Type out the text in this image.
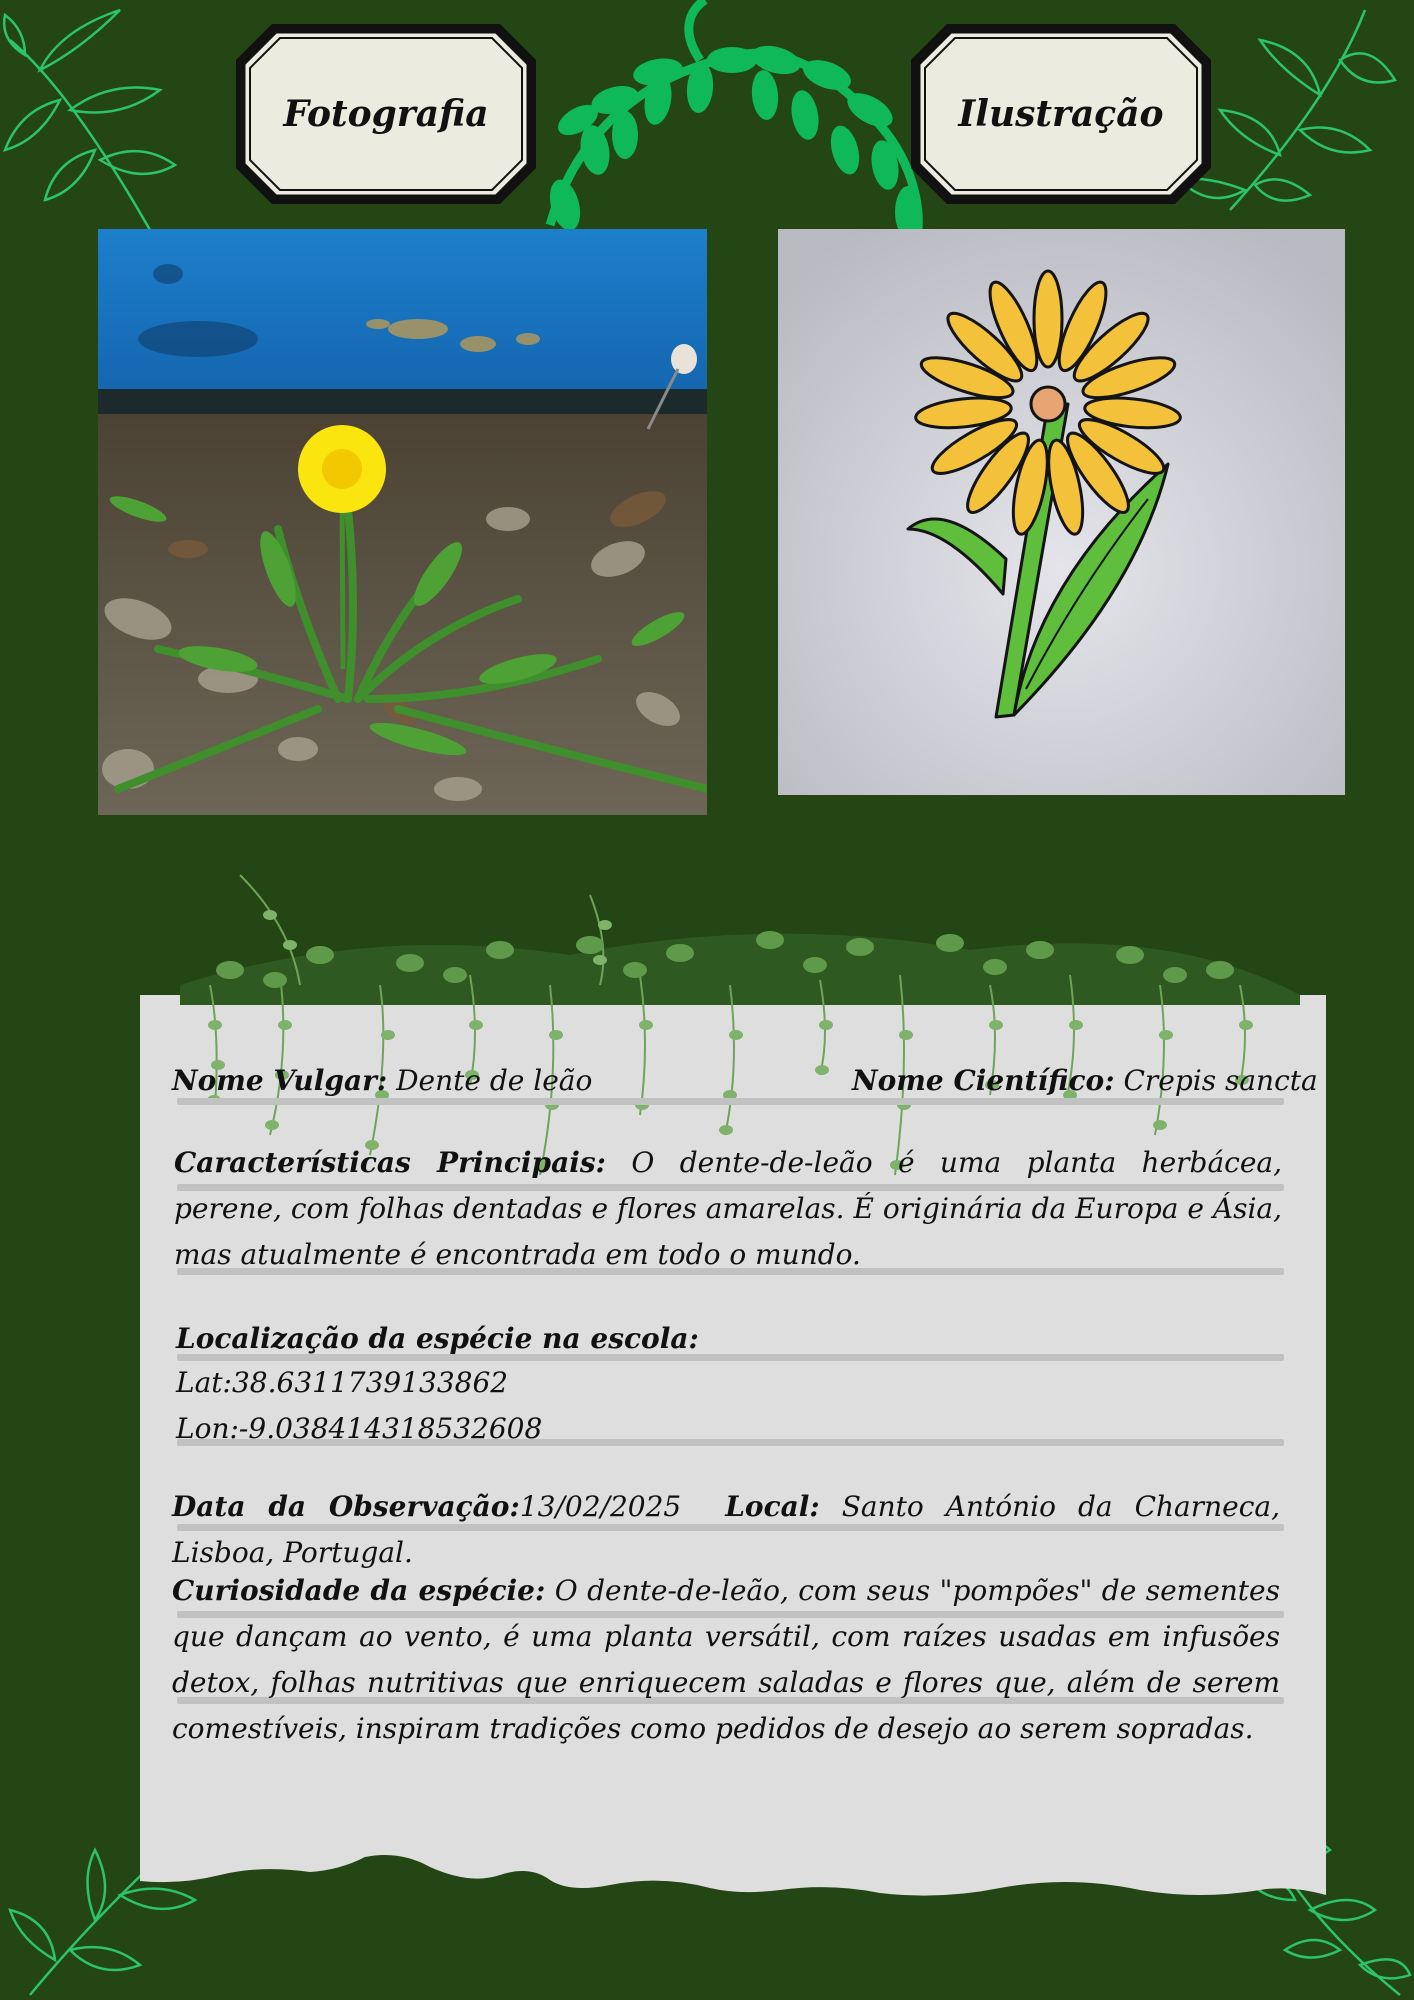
Fotografia	Ilustração
Nome Vulgar: Dente de leão	Nome Científico: Crepis sancta
Características Principais: O dente-de-leão é uma planta herbácea, perene, com folhas dentadas e flores amarelas. É originária da Europa e Ásia, mas atualmente é encontrada em todo o mundo.
Localização da espécie na escola:
Lat:38.6311739133862
Lon:-9.038414318532608
Data da Observação:13/02/2025 Local: Santo António da Charneca, Lisboa, Portugal.
Curiosidade da espécie: O dente-de-leão, com seus "pompões" de sementes que dançam ao vento, é uma planta versátil, com raízes usadas em infusões detox, folhas nutritivas que enriquecem saladas e flores que, além de serem comestíveis, inspiram tradições como pedidos de desejo ao serem sopradas.
